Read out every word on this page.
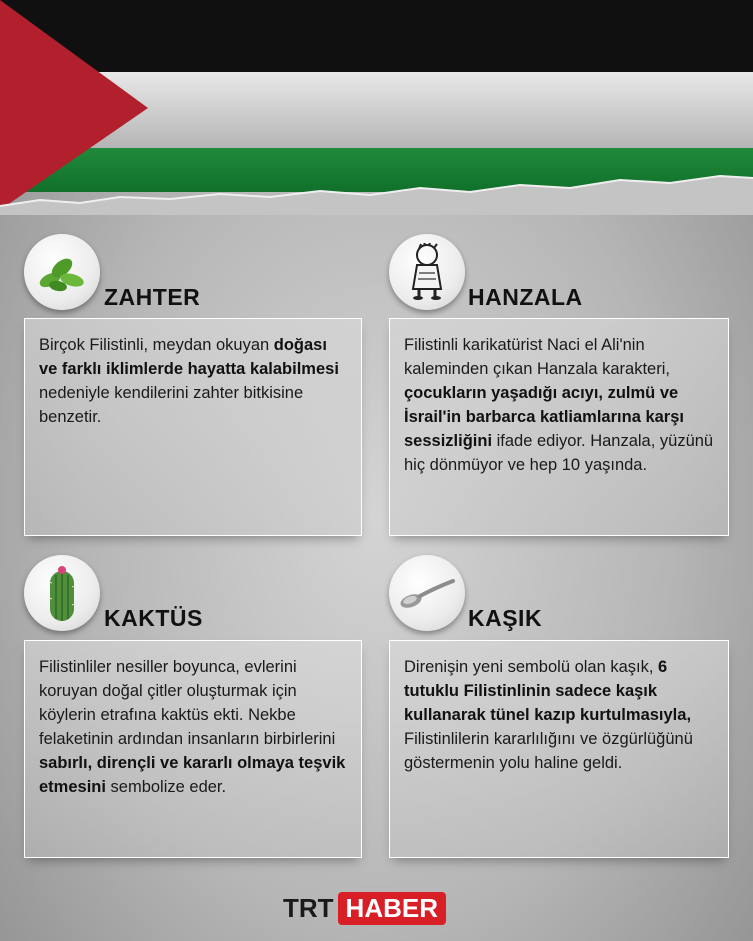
ZAHTER
Birçok Filistinli, meydan okuyan doğası ve farklı iklimlerde hayatta kalabilmesi nedeniyle kendilerini zahter bitkisine benzetir.
HANZALA
Filistinli karikatürist Naci el Ali'nin kaleminden çıkan Hanzala karakteri, çocukların yaşadığı acıyı, zulmü ve İsrail'in barbarca katliamlarına karşı sessizliğini ifade ediyor. Hanzala, yüzünü hiç dönmüyor ve hep 10 yaşında.
KAKTÜS
Filistinliler nesiller boyunca, evlerini koruyan doğal çitler oluşturmak için köylerin etrafına kaktüs ekti. Nekbe felaketinin ardından insanların birbirlerini sabırlı, dirençli ve kararlı olmaya teşvik etmesini sembolize eder.
KAŞIK
Direnişin yeni sembolü olan kaşık, 6 tutuklu Filistinlinin sadece kaşık kullanarak tünel kazıp kurtulmasıyla, Filistinlilerin kararlılığını ve özgürlüğünü göstermenin yolu haline geldi.
TRT HABER
